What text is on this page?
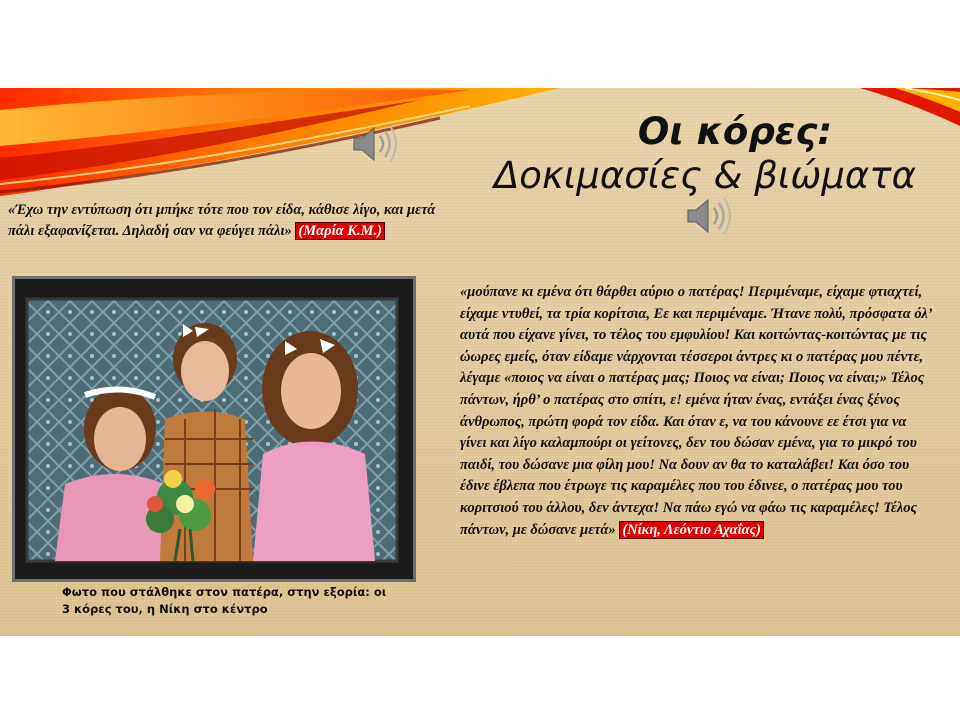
Οι κόρες:
Δοκιμασίες & βιώματα
«Έχω την εντύπωση ότι μπήκε τότε που τον είδα, κάθισε λίγο, και μετά πάλι εξαφανίζεται. Δηλαδή σαν να φεύγει πάλι» (Μαρία Κ.Μ.)
Φωτο που στάλθηκε στον πατέρα, στην εξορία: οι 3 κόρες του, η Νίκη στο κέντρο
«μούπανε κι εμένα ότι θάρθει αύριο ο πατέρας! Περιμέναμε, είχαμε φτιαχτεί, είχαμε ντυθεί, τα τρία κορίτσια, Εε και περιμέναμε. Ήτανε πολύ, πρόσφατα όλ’ αυτά που είχανε γίνει, το τέλος του εμφυλίου! Και κοιτώντας-κοιτώντας με τις ώωρες εμείς, όταν είδαμε νάρχονται τέσσεροι άντρες κι ο πατέρας μου πέντε, λέγαμε «ποιος να είναι ο πατέρας μας; Ποιος να είναι; Ποιος να είναι;» Τέλος πάντων, ήρθ’ ο πατέρας στο σπίτι, ε! εμένα ήταν ένας, εντάξει ένας ξένος άνθρωπος, πρώτη φορά τον είδα. Και όταν ε, να του κάνουνε εε έτσι για να γίνει και λίγο καλαμπούρι οι γείτονες, δεν του δώσαν εμένα, για το μικρό του παιδί, του δώσανε μια φίλη μου! Να δουν αν θα το καταλάβει! Και όσο του έδινε έβλεπα που έτρωγε τις καραμέλες που του έδινεε, ο πατέρας μου του κοριτσιού του άλλου, δεν άντεχα! Να πάω εγώ να φάω τις καραμέλες! Τέλος πάντων, με δώσανε μετά» (Νίκη, Λεόντιο Αχαΐας)
